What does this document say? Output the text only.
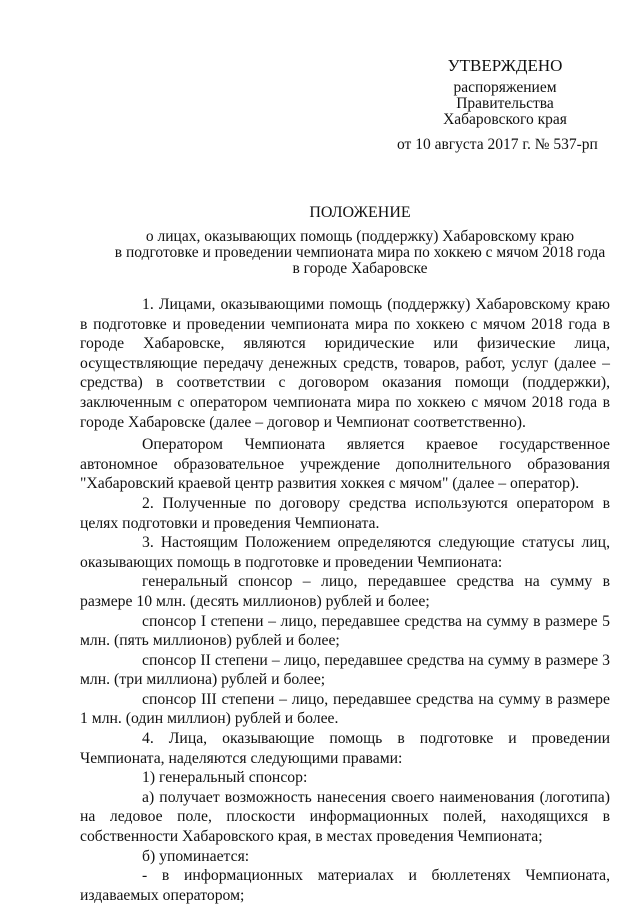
УТВЕРЖДЕНО
распоряжением
Правительства
Хабаровского края
от 10 августа 2017 г. № 537-рп
ПОЛОЖЕНИЕ
о лицах, оказывающих помощь (поддержку) Хабаровскому краю
в подготовке и проведении чемпионата мира по хоккею с мячом 2018 года
в городе Хабаровске

1. Лицами, оказывающими помощь (поддержку) Хабаровскому краю в подготовке и проведении чемпионата мира по хоккею с мячом 2018 года в городе Хабаровске, являются юридические или физические лица, осуществляющие передачу денежных средств, товаров, работ, услуг (далее – средства) в соответствии с договором оказания помощи (поддержки), заключенным с оператором чемпионата мира по хоккею с мячом 2018 года в городе Хабаровске (далее – договор и Чемпионат соответственно).

Оператором Чемпионата является краевое государственное автономное образовательное учреждение дополнительного образования "Хабаровский краевой центр развития хоккея с мячом" (далее – оператор).

2. Полученные по договору средства используются оператором в целях подготовки и проведения Чемпионата.

3. Настоящим Положением определяются следующие статусы лиц, оказывающих помощь в подготовке и проведении Чемпионата:

генеральный спонсор – лицо, передавшее средства на сумму в размере 10 млн. (десять миллионов) рублей и более;

спонсор I степени – лицо, передавшее средства на сумму в размере 5 млн. (пять миллионов) рублей и более;

спонсор II степени – лицо, передавшее средства на сумму в размере 3 млн. (три миллиона) рублей и более;

спонсор III степени – лицо, передавшее средства на сумму в размере 1 млн. (один миллион) рублей и более.

4. Лица, оказывающие помощь в подготовке и проведении Чемпионата, наделяются следующими правами:

1) генеральный спонсор:

а) получает возможность нанесения своего наименования (логотипа) на ледовое поле, плоскости информационных полей, находящихся в собственности Хабаровского края, в местах проведения Чемпионата;

б) упоминается:

- в информационных материалах и бюллетенях Чемпионата, издаваемых оператором;
